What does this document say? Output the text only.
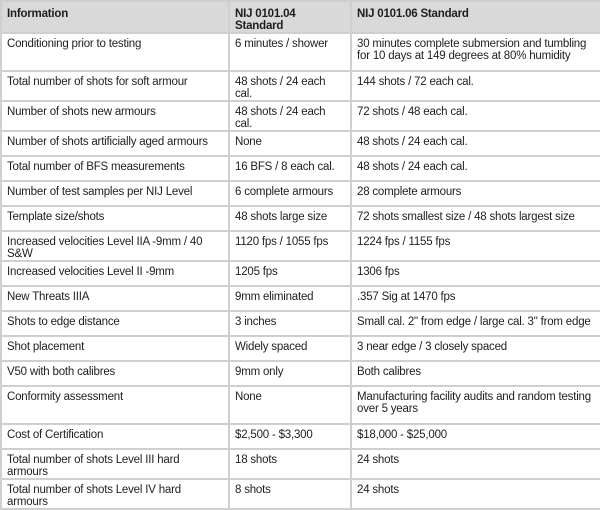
Information	NIJ 0101.04 Standard	NIJ 0101.06 Standard
Conditioning prior to testing	6 minutes / shower	30 minutes complete submersion and tumbling for 10 days at 149 degrees at 80% humidity
Total number of shots for soft armour	48 shots / 24 each cal.	144 shots / 72 each cal.
Number of shots new armours	48 shots / 24 each cal.	72 shots / 48 each cal.
Number of shots artificially aged armours	None	48 shots / 24 each cal.
Total number of BFS measurements	16 BFS / 8 each cal.	48 shots / 24 each cal.
Number of test samples per NIJ Level	6 complete armours	28 complete armours
Template size/shots	48 shots large size	72 shots smallest size / 48 shots largest size
Increased velocities Level IIA -9mm / 40 S&W	1120 fps / 1055 fps	1224 fps / 1155 fps
Increased velocities Level II -9mm	1205 fps	1306 fps
New Threats IIIA	9mm eliminated	.357 Sig at 1470 fps
Shots to edge distance	3 inches	Small cal. 2" from edge / large cal. 3" from edge
Shot placement	Widely spaced	3 near edge / 3 closely spaced
V50 with both calibres	9mm only	Both calibres
Conformity assessment	None	Manufacturing facility audits and random testing over 5 years
Cost of Certification	$2,500 - $3,300	$18,000 - $25,000
Total number of shots Level III hard armours	18 shots	24 shots
Total number of shots Level IV hard armours	8 shots	24 shots
